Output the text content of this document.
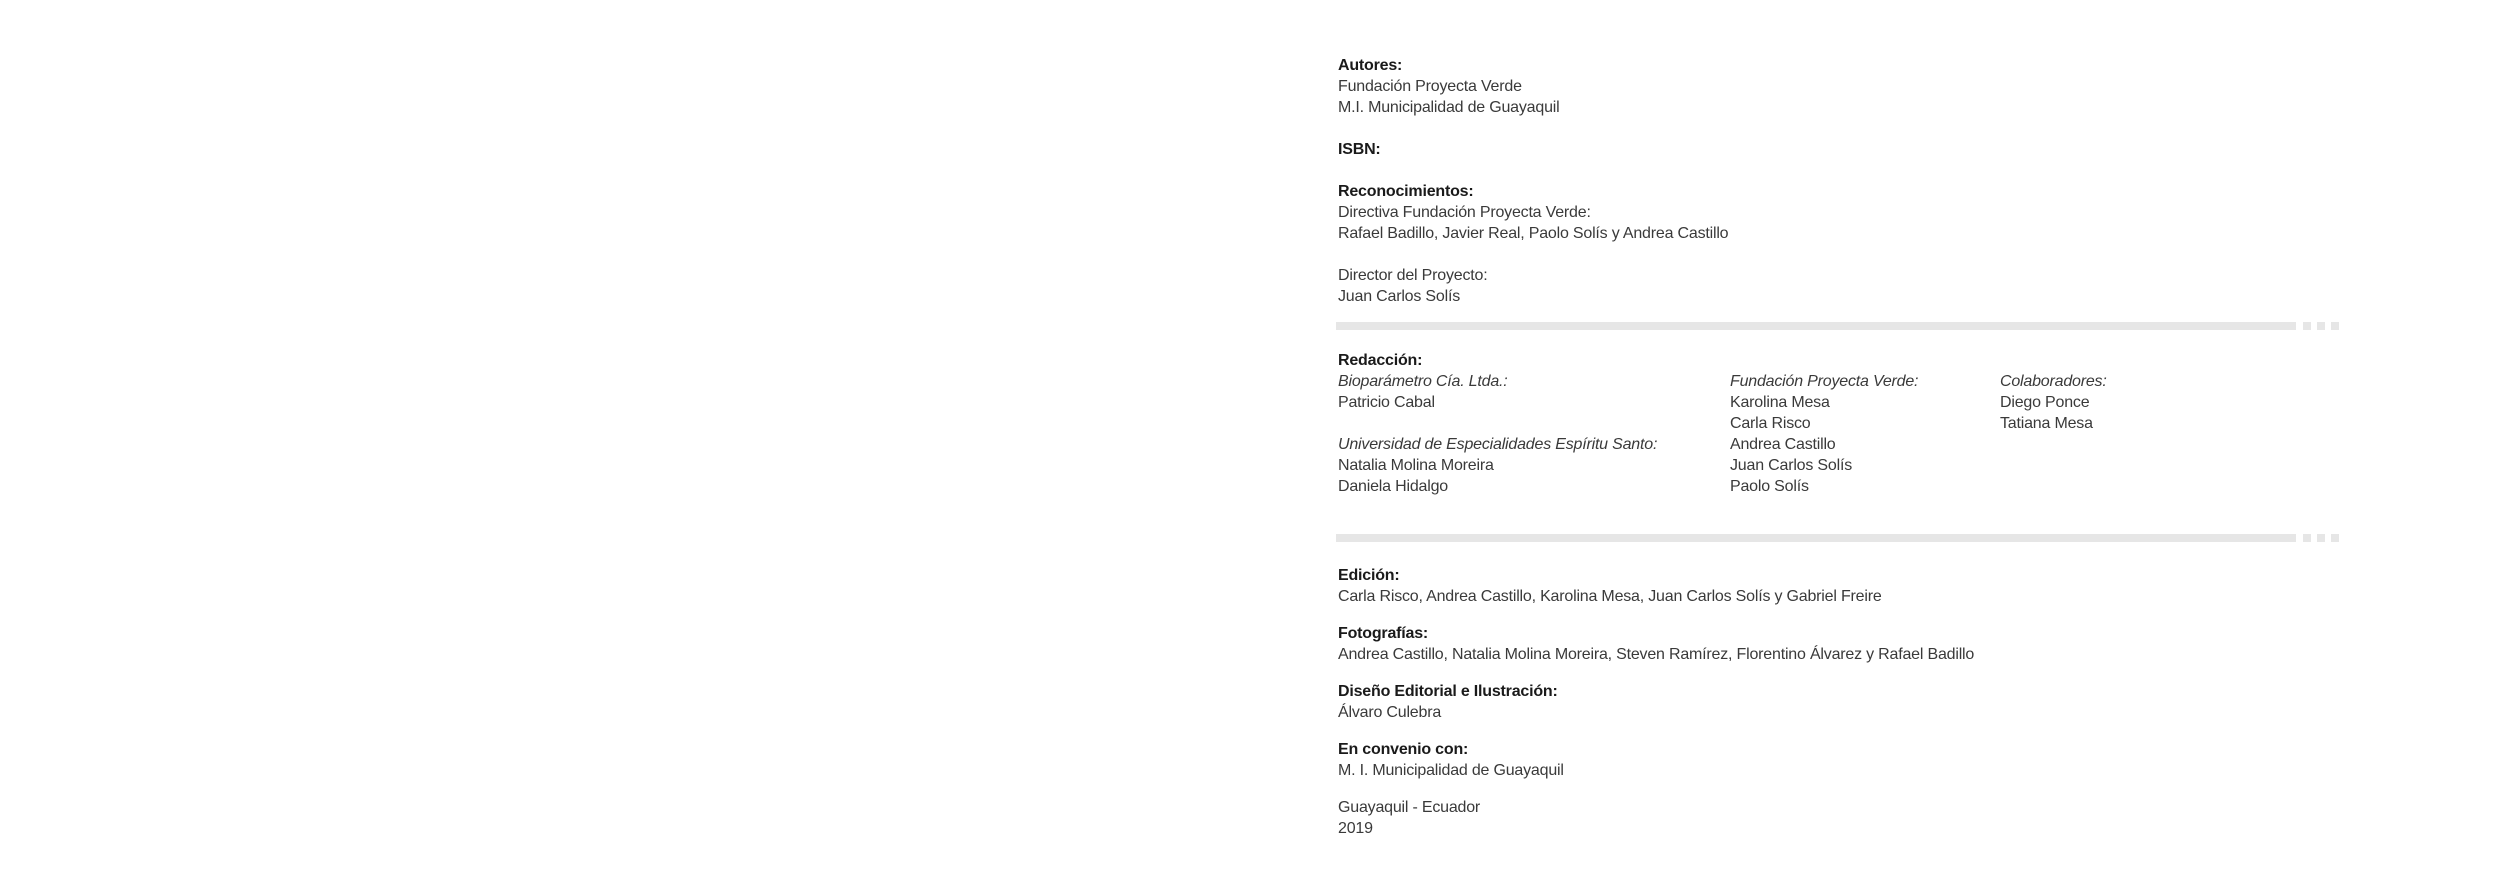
Autores:
Fundación Proyecta Verde
M.I. Municipalidad de Guayaquil
ISBN:
Reconocimientos:
Directiva Fundación Proyecta Verde:
Rafael Badillo, Javier Real, Paolo Solís y Andrea Castillo
Director del Proyecto:
Juan Carlos Solís
Redacción:
Bioparámetro Cía. Ltda.:
Patricio Cabal
Universidad de Especialidades Espíritu Santo:
Natalia Molina Moreira
Daniela Hidalgo
Fundación Proyecta Verde:
Karolina Mesa
Carla Risco
Andrea Castillo
Juan Carlos Solís
Paolo Solís
Colaboradores:
Diego Ponce
Tatiana Mesa
Edición:
Carla Risco, Andrea Castillo, Karolina Mesa, Juan Carlos Solís y Gabriel Freire
Fotografías:
Andrea Castillo, Natalia Molina Moreira, Steven Ramírez, Florentino Álvarez y Rafael Badillo
Diseño Editorial e Ilustración:
Álvaro Culebra
En convenio con:
M. I. Municipalidad de Guayaquil
Guayaquil - Ecuador
2019
